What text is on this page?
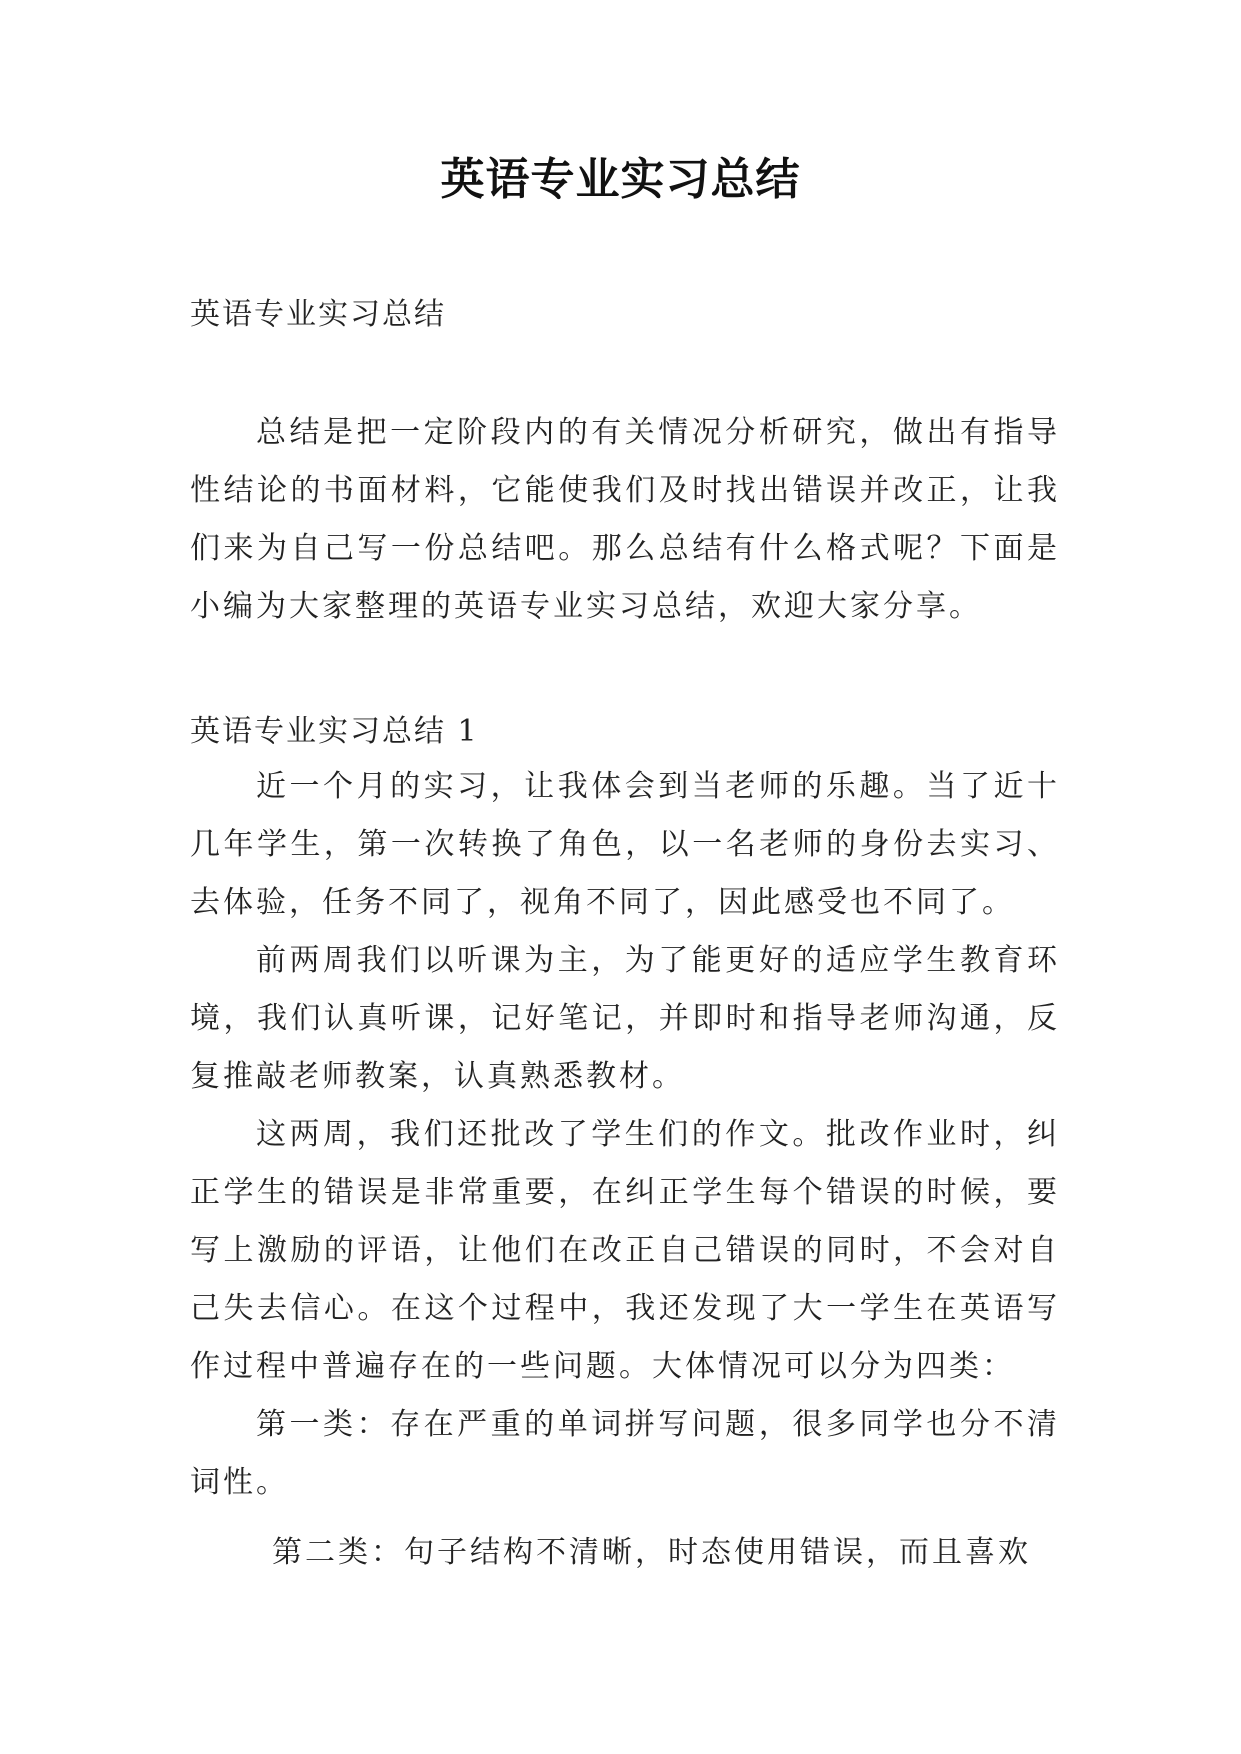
英语专业实习总结
英语专业实习总结
总结是把一定阶段内的有关情况分析研究，做出有指导性结论的书面材料，它能使我们及时找出错误并改正，让我们来为自己写一份总结吧。那么总结有什么格式呢？下面是小编为大家整理的英语专业实习总结，欢迎大家分享。
英语专业实习总结 1

近一个月的实习，让我体会到当老师的乐趣。当了近十几年学生，第一次转换了角色，以一名老师的身份去实习、去体验，任务不同了，视角不同了，因此感受也不同了。

前两周我们以听课为主，为了能更好的适应学生教育环境，我们认真听课，记好笔记，并即时和指导老师沟通，反复推敲老师教案，认真熟悉教材。

这两周，我们还批改了学生们的作文。批改作业时，纠正学生的错误是非常重要，在纠正学生每个错误的时候，要写上激励的评语，让他们在改正自己错误的同时，不会对自己失去信心。在这个过程中，我还发现了大一学生在英语写作过程中普遍存在的一些问题。大体情况可以分为四类：

第一类：存在严重的单词拼写问题，很多同学也分不清词性。

第二类：句子结构不清晰，时态使用错误，而且喜欢
